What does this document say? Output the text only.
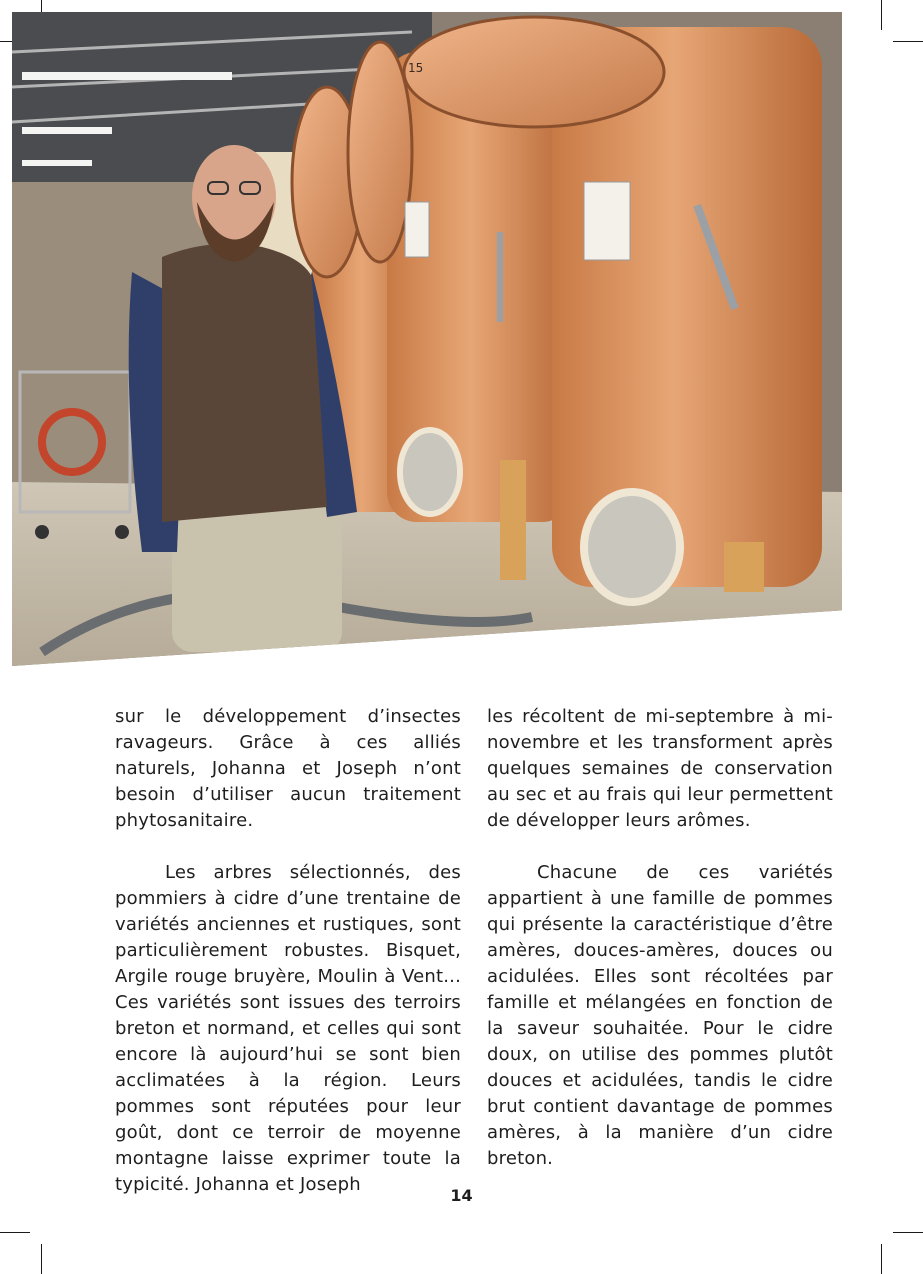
15

sur le développement d’insectes ravageurs. Grâce à ces alliés naturels, Johanna et Joseph n’ont besoin d’utiliser aucun traitement phytosanitaire.

Les arbres sélectionnés, des pommiers à cidre d’une trentaine de variétés anciennes et rustiques, sont particulièrement robustes. Bisquet, Argile rouge bruyère, Moulin à Vent... Ces variétés sont issues des terroirs breton et normand, et celles qui sont encore là aujourd’hui se sont bien acclimatées à la région. Leurs pommes sont réputées pour leur goût, dont ce terroir de moyenne montagne laisse exprimer toute la typicité. Johanna et Joseph

les récoltent de mi-septembre à mi-novembre et les transforment après quelques semaines de conservation au sec et au frais qui leur permettent de développer leurs arômes.

Chacune de ces variétés appartient à une famille de pommes qui présente la caractéristique d’être amères, douces-amères, douces ou acidulées. Elles sont récoltées par famille et mélangées en fonction de la saveur souhaitée. Pour le cidre doux, on utilise des pommes plutôt douces et acidulées, tandis le cidre brut contient davantage de pommes amères, à la manière d’un cidre breton.

14
